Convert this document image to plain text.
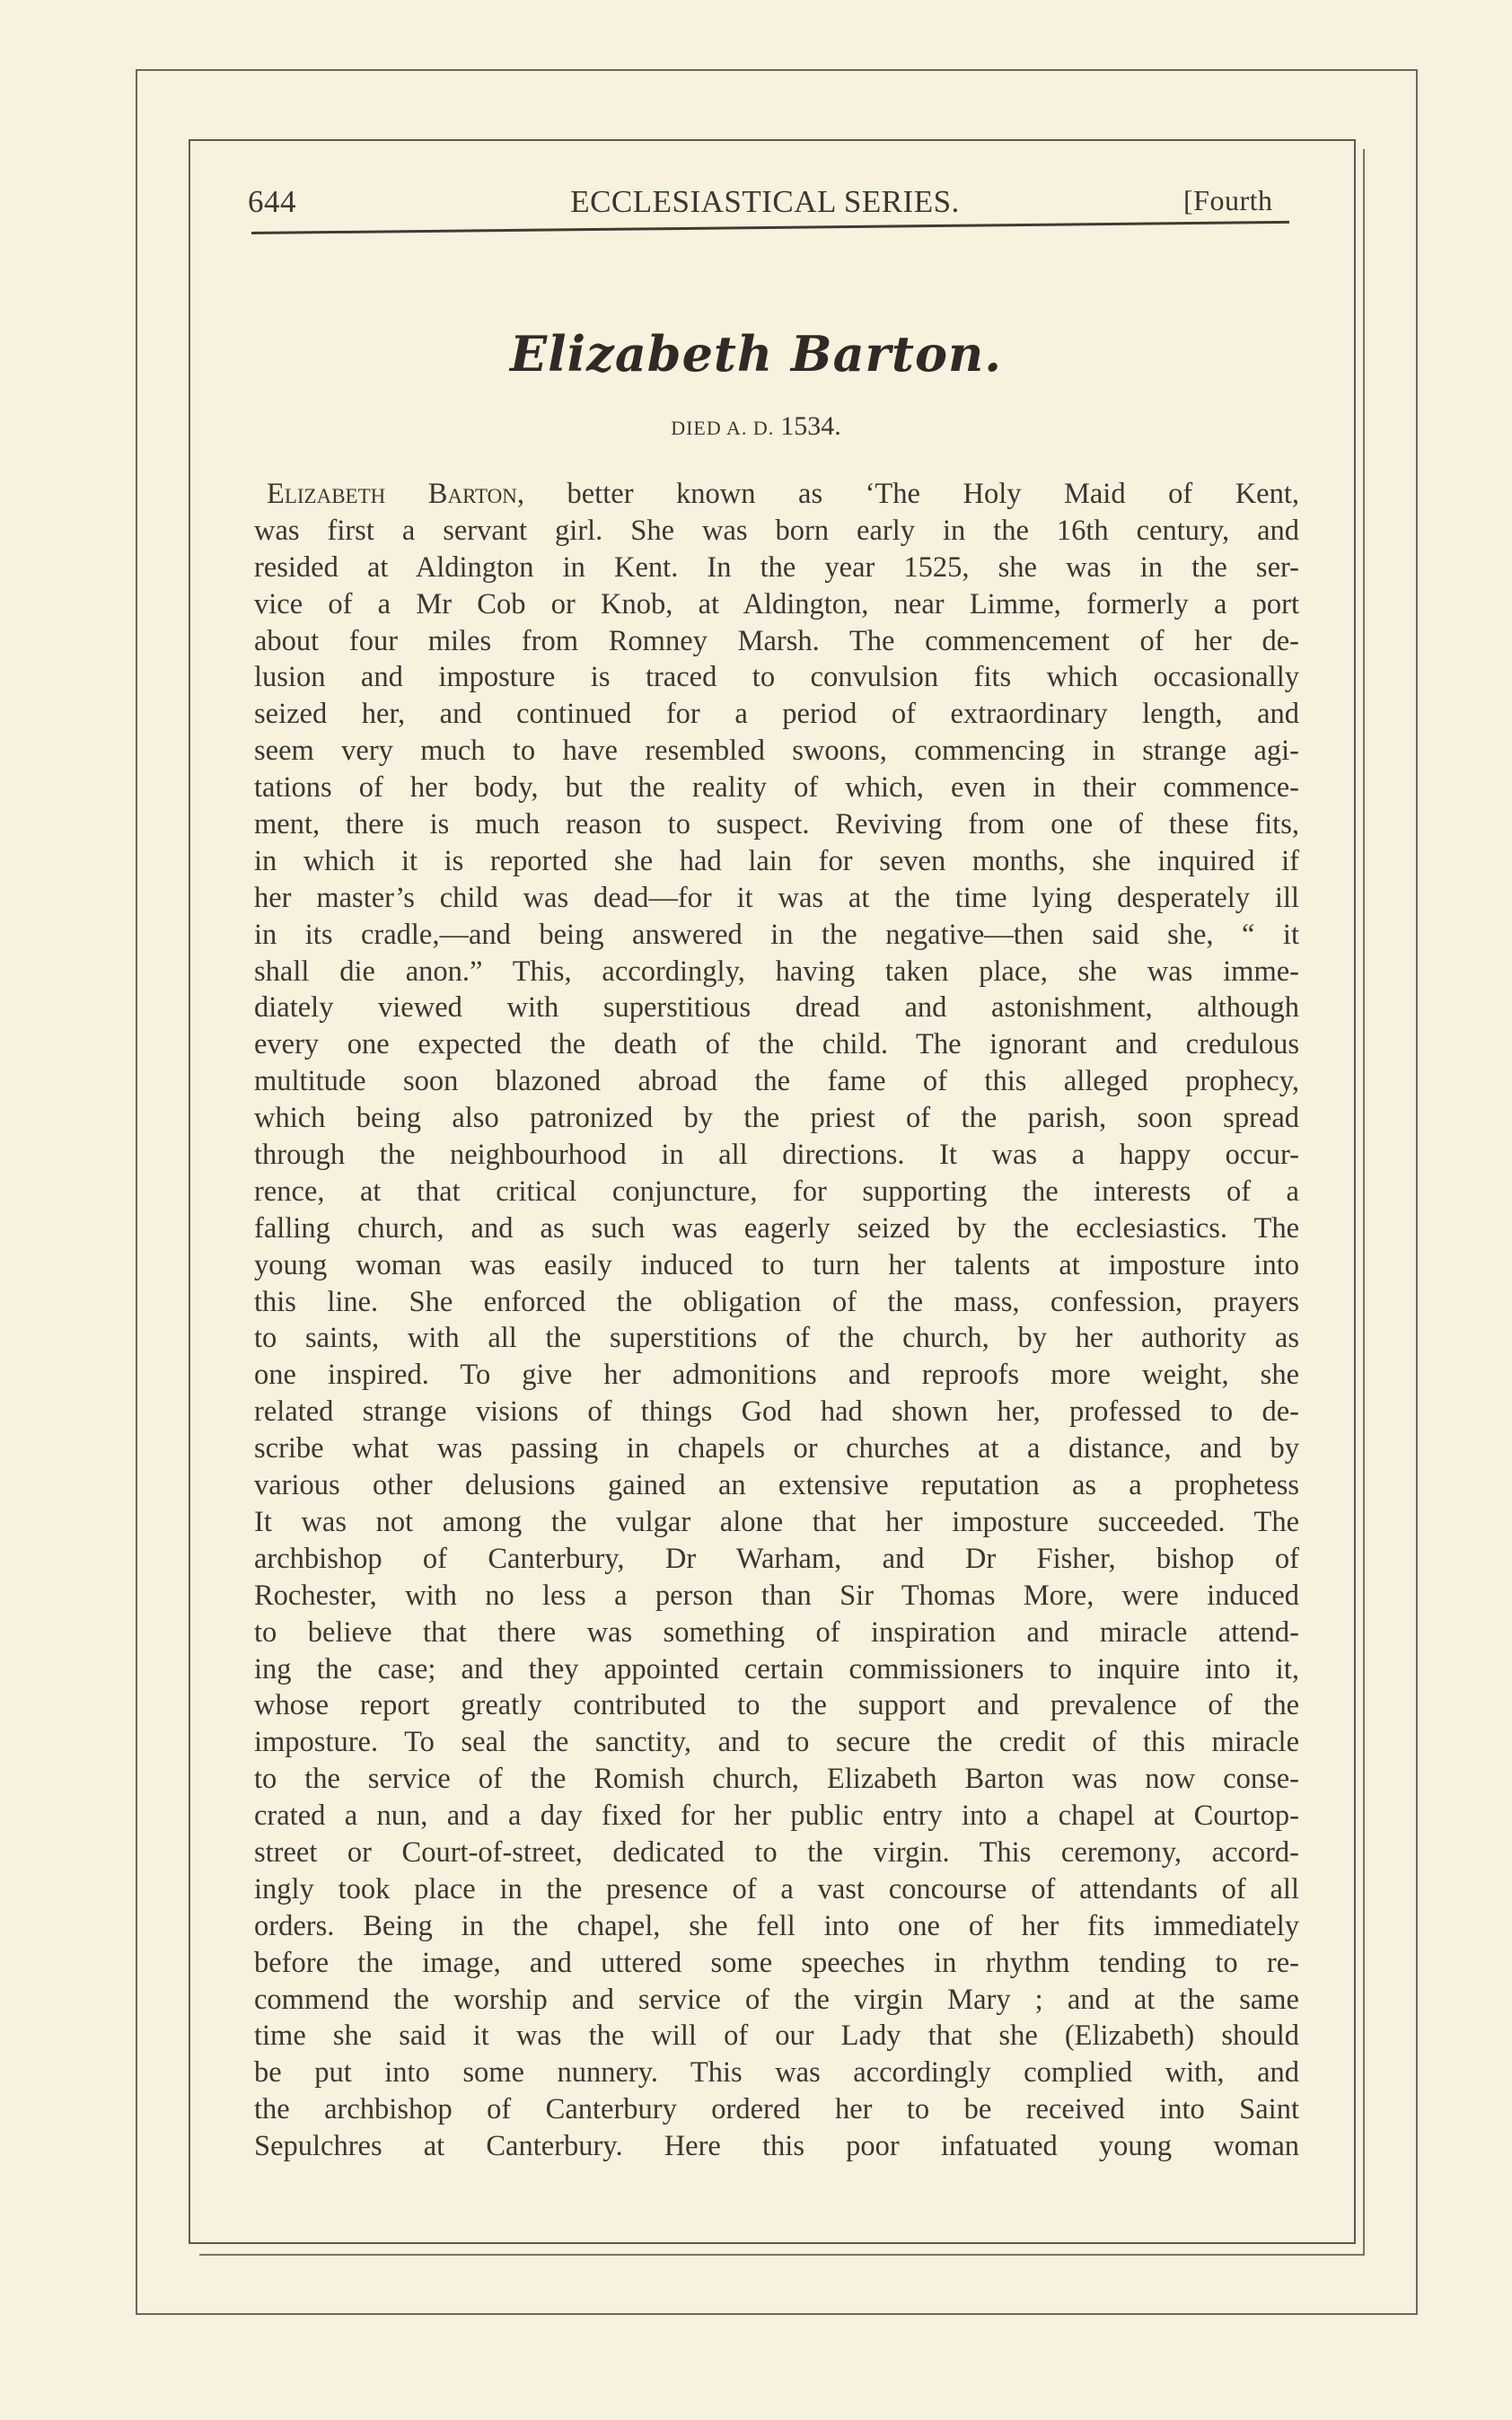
644	ECCLESIASTICAL SERIES.	[Fourth
Elizabeth Barton.
DIED A. D. 1534.
Elizabeth Barton, better known as ‘The Holy Maid of Kent,
was first a servant girl. She was born early in the 16th century, and
resided at Aldington in Kent. In the year 1525, she was in the ser-
vice of a Mr Cob or Knob, at Aldington, near Limme, formerly a port
about four miles from Romney Marsh. The commencement of her de-
lusion and imposture is traced to convulsion fits which occasionally
seized her, and continued for a period of extraordinary length, and
seem very much to have resembled swoons, commencing in strange agi-
tations of her body, but the reality of which, even in their commence-
ment, there is much reason to suspect. Reviving from one of these fits,
in which it is reported she had lain for seven months, she inquired if
her master’s child was dead—for it was at the time lying desperately ill
in its cradle,—and being answered in the negative—then said she, “ it
shall die anon.” This, accordingly, having taken place, she was imme-
diately viewed with superstitious dread and astonishment, although
every one expected the death of the child. The ignorant and credulous
multitude soon blazoned abroad the fame of this alleged prophecy,
which being also patronized by the priest of the parish, soon spread
through the neighbourhood in all directions. It was a happy occur-
rence, at that critical conjuncture, for supporting the interests of a
falling church, and as such was eagerly seized by the ecclesiastics. The
young woman was easily induced to turn her talents at imposture into
this line. She enforced the obligation of the mass, confession, prayers
to saints, with all the superstitions of the church, by her authority as
one inspired. To give her admonitions and reproofs more weight, she
related strange visions of things God had shown her, professed to de-
scribe what was passing in chapels or churches at a distance, and by
various other delusions gained an extensive reputation as a prophetess
It was not among the vulgar alone that her imposture succeeded. The
archbishop of Canterbury, Dr Warham, and Dr Fisher, bishop of
Rochester, with no less a person than Sir Thomas More, were induced
to believe that there was something of inspiration and miracle attend-
ing the case; and they appointed certain commissioners to inquire into it,
whose report greatly contributed to the support and prevalence of the
imposture. To seal the sanctity, and to secure the credit of this miracle
to the service of the Romish church, Elizabeth Barton was now conse-
crated a nun, and a day fixed for her public entry into a chapel at Courtop-
street or Court-of-street, dedicated to the virgin. This ceremony, accord-
ingly took place in the presence of a vast concourse of attendants of all
orders. Being in the chapel, she fell into one of her fits immediately
before the image, and uttered some speeches in rhythm tending to re-
commend the worship and service of the virgin Mary ; and at the same
time she said it was the will of our Lady that she (Elizabeth) should
be put into some nunnery. This was accordingly complied with, and
the archbishop of Canterbury ordered her to be received into Saint
Sepulchres at Canterbury. Here this poor infatuated young woman
